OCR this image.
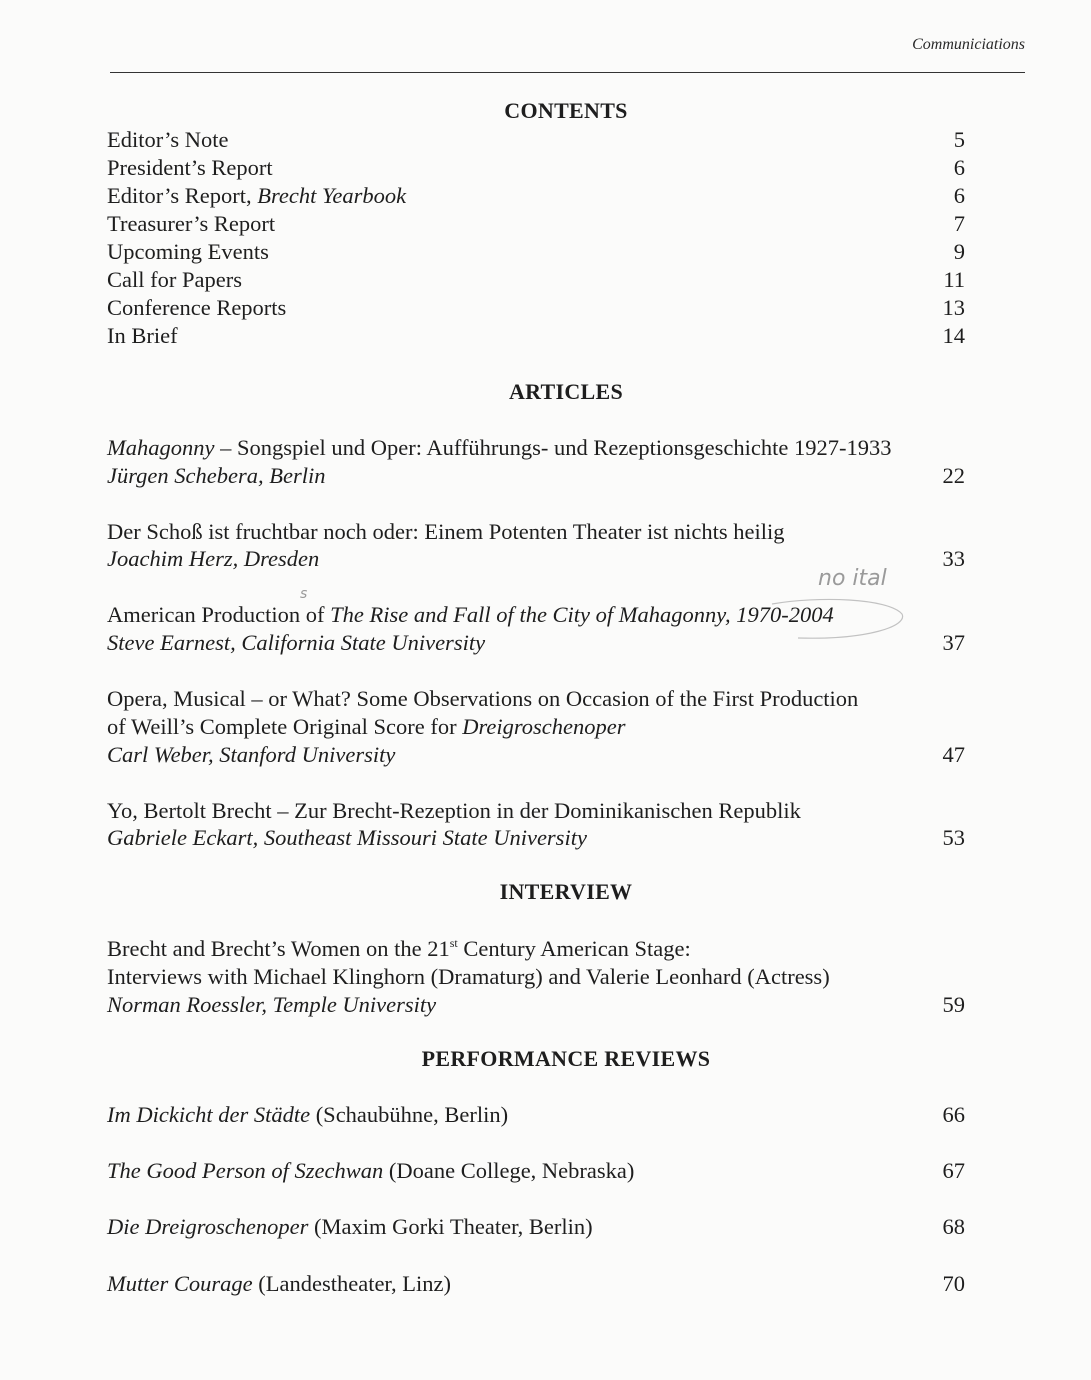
Communiciations
CONTENTS
Editor’s Note	5
President’s Report	6
Editor’s Report, Brecht Yearbook	6
Treasurer’s Report	7
Upcoming Events	9
Call for Papers	11
Conference Reports	13
In Brief	14
ARTICLES
Mahagonny – Songspiel und Oper: Aufführungs- und Rezeptionsgeschichte 1927-1933
Jürgen Schebera, Berlin	22
Der Schoß ist fruchtbar noch oder: Einem Potenten Theater ist nichts heilig
Joachim Herz, Dresden	33
American Production of The Rise and Fall of the City of Mahagonny, 1970-2004
Steve Earnest, California State University	37
Opera, Musical – or What? Some Observations on Occasion of the First Production
of Weill’s Complete Original Score for Dreigroschenoper
Carl Weber, Stanford University	47
Yo, Bertolt Brecht – Zur Brecht-Rezeption in der Dominikanischen Republik
Gabriele Eckart, Southeast Missouri State University	53
no ital
s
INTERVIEW
Brecht and Brecht’s Women on the 21st Century American Stage:
Interviews with Michael Klinghorn (Dramaturg) and Valerie Leonhard (Actress)
Norman Roessler, Temple University	59
PERFORMANCE REVIEWS
Im Dickicht der Städte (Schaubühne, Berlin)	66
The Good Person of Szechwan (Doane College, Nebraska)	67
Die Dreigroschenoper (Maxim Gorki Theater, Berlin)	68
Mutter Courage (Landestheater, Linz)	70
